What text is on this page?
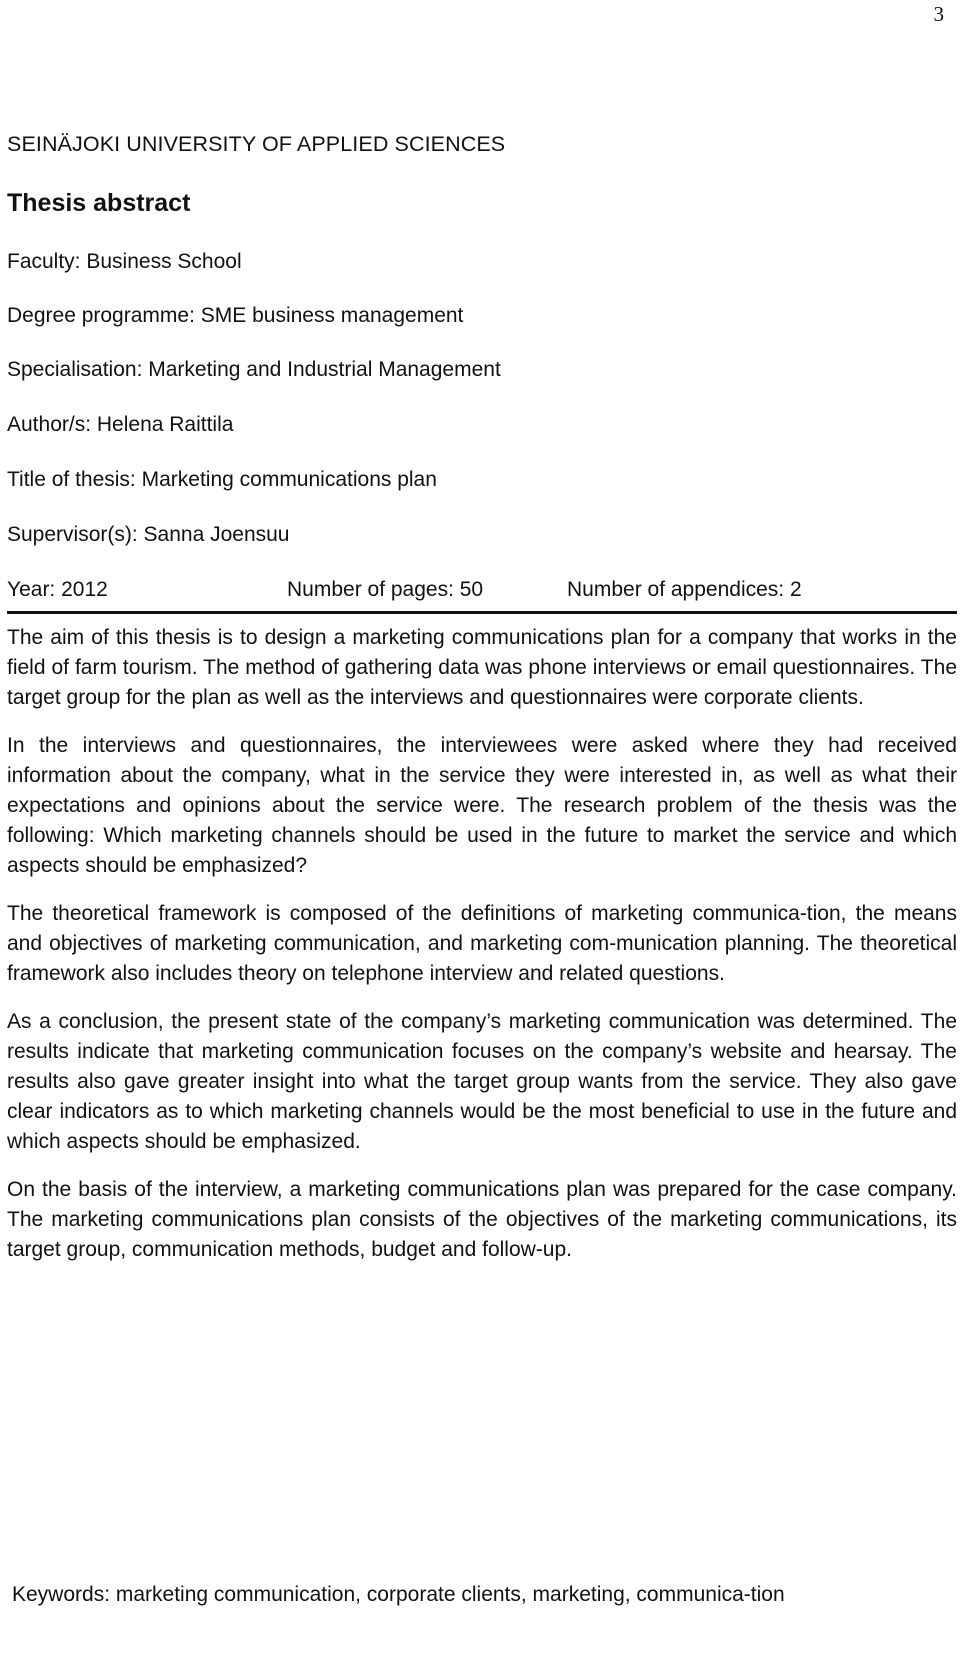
3
SEINÄJOKI UNIVERSITY OF APPLIED SCIENCES
Thesis abstract
Faculty: Business School
Degree programme: SME business management
Specialisation: Marketing and Industrial Management
Author/s: Helena Raittila
Title of thesis: Marketing communications plan
Supervisor(s): Sanna Joensuu
Year: 2012	Number of pages: 50	Number of appendices: 2

The aim of this thesis is to design a marketing communications plan for a company that works in the field of farm tourism. The method of gathering data was phone interviews or email questionnaires. The target group for the plan as well as the interviews and questionnaires were corporate clients.

In the interviews and questionnaires, the interviewees were asked where they had received information about the company, what in the service they were interested in, as well as what their expectations and opinions about the service were. The research problem of the thesis was the following: Which marketing channels should be used in the future to market the service and which aspects should be emphasized?

The theoretical framework is composed of the definitions of marketing communica-tion, the means and objectives of marketing communication, and marketing com-munication planning. The theoretical framework also includes theory on telephone interview and related questions.

As a conclusion, the present state of the company’s marketing communication was determined. The results indicate that marketing communication focuses on the company’s website and hearsay. The results also gave greater insight into what the target group wants from the service. They also gave clear indicators as to which marketing channels would be the most beneficial to use in the future and which aspects should be emphasized.

On the basis of the interview, a marketing communications plan was prepared for the case company. The marketing communications plan consists of the objectives of the marketing communications, its target group, communication methods, budget and follow-up.

Keywords: marketing communication, corporate clients, marketing, communica-tion
